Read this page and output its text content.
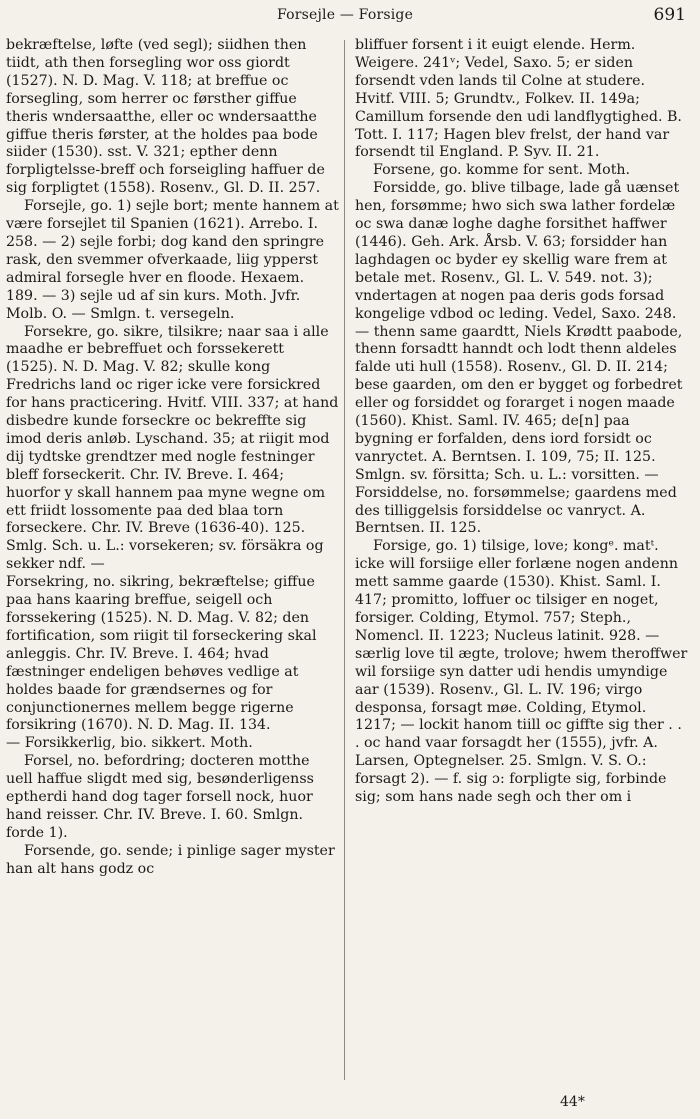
Forsejle — Forsige	691

bekræftelse, løfte (ved segl); siidhen then tiidt, ath then forsegling wor oss giordt (1527). N. D. Mag. V. 118; at breffue oc forsegling, som herrer oc førsther giffue theris wndersaatthe, eller oc wndersaatthe giffue theris førster, at the holdes paa bode siider (1530). sst. V. 321; epther denn forpligtelsse-breff och forseigling haffuer de sig forpligtet (1558). Rosenv., Gl. D. II. 257.
Forsejle, go. 1) sejle bort; mente hannem at være forsejlet til Spanien (1621). Arrebo. I. 258. — 2) sejle forbi; dog kand den springre rask, den svemmer ofverkaade, liig ypperst admiral forsegle hver en floode. Hexaem. 189. — 3) sejle ud af sin kurs. Moth. Jvfr. Molb. O. — Smlgn. t. versegeln.
Forsekre, go. sikre, tilsikre; naar saa i alle maadhe er bebreffuet och forssekerett (1525). N. D. Mag. V. 82; skulle kong Fredrichs land oc riger icke vere forsickred for hans practicering. Hvitf. VIII. 337; at hand disbedre kunde forseckre oc bekreffte sig imod deris anløb. Lyschand. 35; at riigit mod dij tydtske grendtzer med nogle festninger bleff forseckerit. Chr. IV. Breve. I. 464; huorfor y skall hannem paa myne wegne om ett friidt lossomente paa ded blaa torn forseckere. Chr. IV. Breve (1636-40). 125. Smlg. Sch. u. L.: vorsekeren; sv. försäkra og sekker ndf. —
Forsekring, no. sikring, bekræftelse; giffue paa hans kaaring breffue, seigell och forssekering (1525). N. D. Mag. V. 82; den fortification, som riigit til forseckering skal anleggis. Chr. IV. Breve. I. 464; hvad fæstninger endeligen behøves vedlige at holdes baade for grændsernes og for conjunctionernes mellem begge rigerne forsikring (1670). N. D. Mag. II. 134.
— Forsikkerlig, bio. sikkert. Moth.
Forsel, no. befordring; docteren motthe uell haffue sligdt med sig, besønderligenss eptherdi hand dog tager forsell nock, huor hand reisser. Chr. IV. Breve. I. 60. Smlgn. forde 1).
Forsende, go. sende; i pinlige sager myster han alt hans godz oc

bliffuer forsent i it euigt elende. Herm. Weigere. 241ᵛ; Vedel, Saxo. 5; er siden forsendt vden lands til Colne at studere. Hvitf. VIII. 5; Grundtv., Folkev. II. 149a; Camillum forsende den udi landflygtighed. B. Tott. I. 117; Hagen blev frelst, der hand var forsendt til England. P. Syv. II. 21.
Forsene, go. komme for sent. Moth.
Forsidde, go. blive tilbage, lade gå uænset hen, forsømme; hwo sich swa lather fordelæ oc swa danæ loghe daghe forsithet haffwer (1446). Geh. Ark. Årsb. V. 63; forsidder han laghdagen oc byder ey skellig ware frem at betale met. Rosenv., Gl. L. V. 549. not. 3); vndertagen at nogen paa deris gods forsad kongelige vdbod oc leding. Vedel, Saxo. 248. — thenn same gaardtt, Niels Krødtt paabode, thenn forsadtt hanndt och lodt thenn aldeles falde uti hull (1558). Rosenv., Gl. D. II. 214; bese gaarden, om den er bygget og forbedret eller og forsiddet og forarget i nogen maade (1560). Khist. Saml. IV. 465; de[n] paa bygning er forfalden, dens iord forsidt oc vanryctet. A. Berntsen. I. 109, 75; II. 125. Smlgn. sv. försitta; Sch. u. L.: vorsitten. — Forsiddelse, no. forsømmelse; gaardens med des tilliggelsis forsiddelse oc vanryct. A. Berntsen. II. 125.
Forsige, go. 1) tilsige, love; kongᵉ. matᵗ. icke will forsiige eller forlæne nogen andenn mett samme gaarde (1530). Khist. Saml. I. 417; promitto, loffuer oc tilsiger en noget, forsiger. Colding, Etymol. 757; Steph., Nomencl. II. 1223; Nucleus latinit. 928. — særlig love til ægte, trolove; hwem theroffwer wil forsiige syn datter udi hendis umyndige aar (1539). Rosenv., Gl. L. IV. 196; virgo desponsa, forsagt møe. Colding, Etymol. 1217; — lockit hanom tiill oc giffte sig ther . . . oc hand vaar forsagdt her (1555), jvfr. A. Larsen, Optegnelser. 25. Smlgn. V. S. O.: forsagt 2). — f. sig ɔ: forpligte sig, forbinde sig; som hans nade segh och ther om i

44*
